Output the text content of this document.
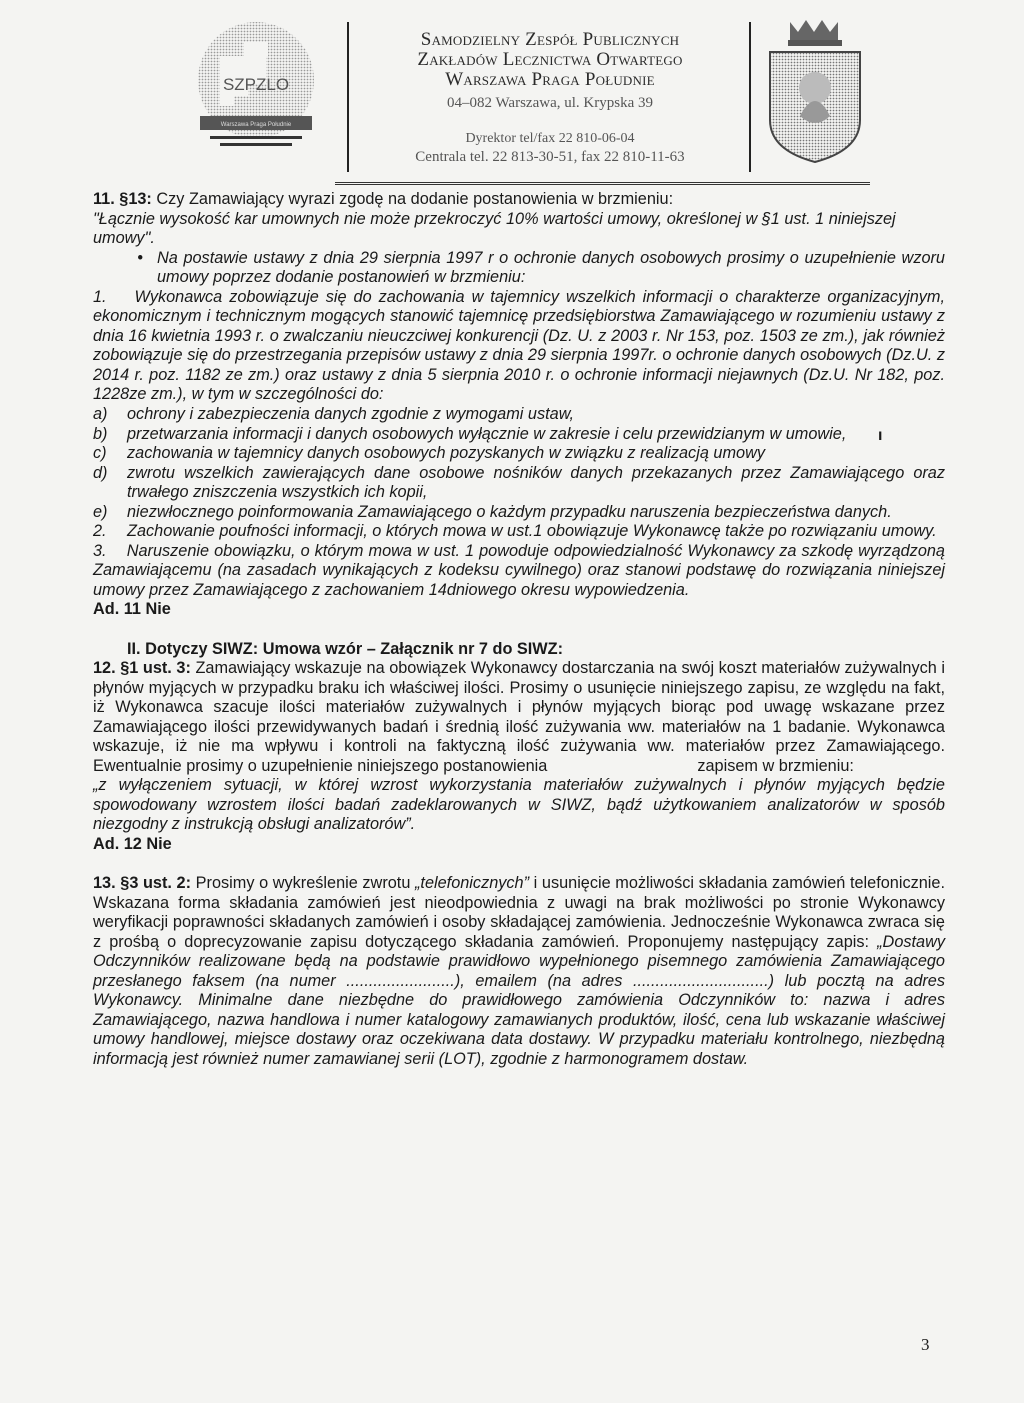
SZPZLO
Warszawa Praga Południe
Samodzielny Zespół Publicznych
Zakładów Lecznictwa Otwartego
Warszawa Praga Południe
04–082 Warszawa, ul. Krypska 39
Dyrektor tel/fax 22 810-06-04
Centrala tel. 22 813-30-51, fax 22 810-11-63

11. §13: Czy Zamawiający wyrazi zgodę na dodanie postanowienia w brzmieniu:

"Łącznie wysokość kar umownych nie może przekroczyć 10% wartości umowy, określonej w §1 ust. 1 niniejszej umowy".

• Na postawie ustawy z dnia 29 sierpnia 1997 r o ochronie danych osobowych prosimy o uzupełnienie wzoru umowy poprzez dodanie postanowień w brzmieniu:

1. Wykonawca zobowiązuje się do zachowania w tajemnicy wszelkich informacji o charakterze organizacyjnym, ekonomicznym i technicznym mogących stanowić tajemnicę przedsiębiorstwa Zamawiającego w rozumieniu ustawy z dnia 16 kwietnia 1993 r. o zwalczaniu nieuczciwej konkurencji (Dz. U. z 2003 r. Nr 153, poz. 1503 ze zm.), jak również zobowiązuje się do przestrzegania przepisów ustawy z dnia 29 sierpnia 1997r. o ochronie danych osobowych (Dz.U. z 2014 r. poz. 1182 ze zm.) oraz ustawy z dnia 5 sierpnia 2010 r. o ochronie informacji niejawnych (Dz.U. Nr 182, poz. 1228ze zm.), w tym w szczególności do:

a)	ochrony i zabezpieczenia danych zgodnie z wymogami ustaw,
b)	przetwarzania informacji i danych osobowych wyłącznie w zakresie i celu przewidzianym w umowie,
c)	zachowania w tajemnicy danych osobowych pozyskanych w związku z realizacją umowy
d)	zwrotu wszelkich zawierających dane osobowe nośników danych przekazanych przez Zamawiającego oraz trwałego zniszczenia wszystkich ich kopii,
e)	niezwłocznego poinformowania Zamawiającego o każdym przypadku naruszenia bezpieczeństwa danych.
2.	Zachowanie poufności informacji, o których mowa w ust.1 obowiązuje Wykonawcę także po rozwiązaniu umowy.

3. Naruszenie obowiązku, o którym mowa w ust. 1 powoduje odpowiedzialność Wykonawcy za szkodę wyrządzoną Zamawiającemu (na zasadach wynikających z kodeksu cywilnego) oraz stanowi podstawę do rozwiązania niniejszej umowy przez Zamawiającego z zachowaniem 14dniowego okresu wypowiedzenia.

Ad. 11 Nie

II. Dotyczy SIWZ: Umowa wzór – Załącznik nr 7 do SIWZ:

12. §1 ust. 3: Zamawiający wskazuje na obowiązek Wykonawcy dostarczania na swój koszt materiałów zużywalnych i płynów myjących w przypadku braku ich właściwej ilości. Prosimy o usunięcie niniejszego zapisu, ze względu na fakt, iż Wykonawca szacuje ilości materiałów zużywalnych i płynów myjących biorąc pod uwagę wskazane przez Zamawiającego ilości przewidywanych badań i średnią ilość zużywania ww. materiałów na 1 badanie. Wykonawca wskazuje, iż nie ma wpływu i kontroli na faktyczną ilość zużywania ww. materiałów przez Zamawiającego. Ewentualnie prosimy o uzupełnienie niniejszego postanowienia	zapisem w brzmieniu:

„z wyłączeniem sytuacji, w której wzrost wykorzystania materiałów zużywalnych i płynów myjących będzie spowodowany wzrostem ilości badań zadeklarowanych w SIWZ, bądź użytkowaniem analizatorów w sposób niezgodny z instrukcją obsługi analizatorów”.

Ad. 12 Nie

13. §3 ust. 2: Prosimy o wykreślenie zwrotu „telefonicznych” i usunięcie możliwości składania zamówień telefonicznie. Wskazana forma składania zamówień jest nieodpowiednia z uwagi na brak możliwości po stronie Wykonawcy weryfikacji poprawności składanych zamówień i osoby składającej zamówienia. Jednocześnie Wykonawca zwraca się z prośbą o doprecyzowanie zapisu dotyczącego składania zamówień. Proponujemy następujący zapis: „Dostawy Odczynników realizowane będą na podstawie prawidłowo wypełnionego pisemnego zamówienia Zamawiającego przesłanego faksem (na numer ........................), emailem (na adres ..............................) lub pocztą na adres Wykonawcy. Minimalne dane niezbędne do prawidłowego zamówienia Odczynników to: nazwa i adres Zamawiającego, nazwa handlowa i numer katalogowy zamawianych produktów, ilość, cena lub wskazanie właściwej umowy handlowej, miejsce dostawy oraz oczekiwana data dostawy. W przypadku materiału kontrolnego, niezbędną informacją jest również numer zamawianej serii (LOT), zgodnie z harmonogramem dostaw.

ı
3
